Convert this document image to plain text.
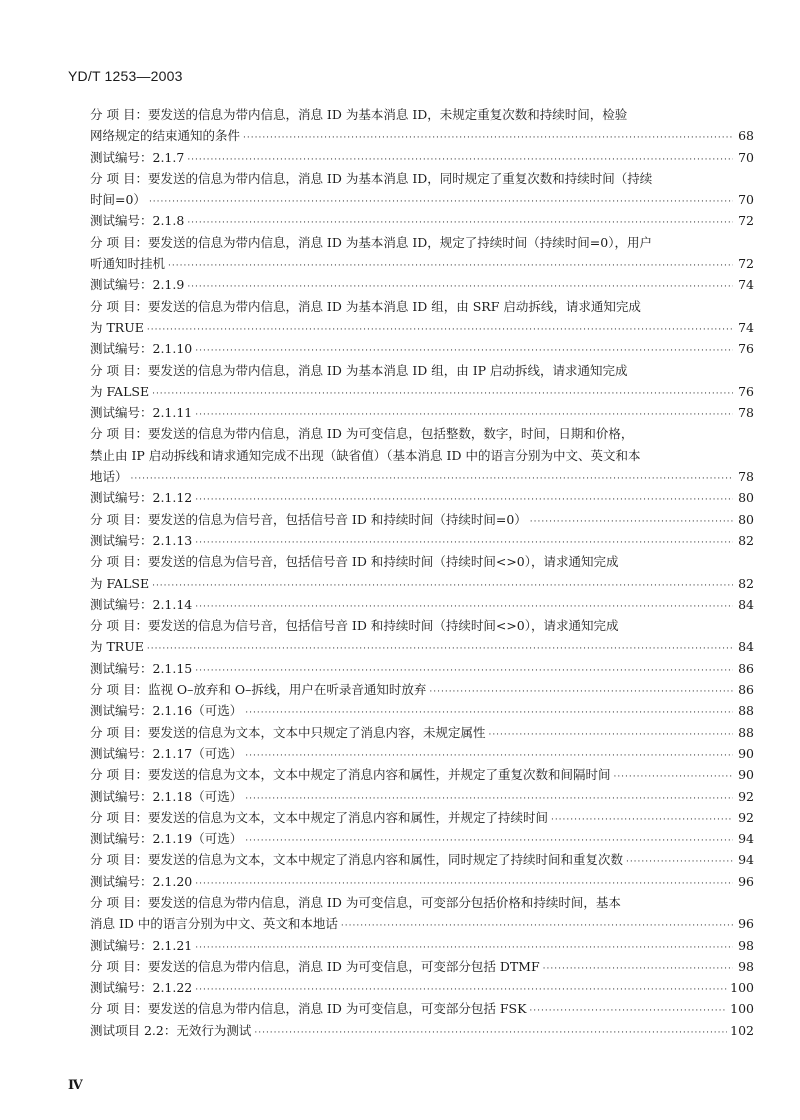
YD/T 1253—2003
分 项 目：要发送的信息为带内信息，消息 ID 为基本消息 ID，未规定重复次数和持续时间，检验
网络规定的结束通知的条件 ·····	68
测试编号：2.1.7 ·····	70
分 项 目：要发送的信息为带内信息，消息 ID 为基本消息 ID，同时规定了重复次数和持续时间（持续
时间=0） ·····	70
测试编号：2.1.8 ·····	72
分 项 目：要发送的信息为带内信息，消息 ID 为基本消息 ID，规定了持续时间（持续时间=0），用户
听通知时挂机 ·····	72
测试编号：2.1.9 ·····	74
分 项 目：要发送的信息为带内信息，消息 ID 为基本消息 ID 组，由 SRF 启动拆线，请求通知完成
为 TRUE ·····	74
测试编号：2.1.10 ·····	76
分 项 目：要发送的信息为带内信息，消息 ID 为基本消息 ID 组，由 IP 启动拆线，请求通知完成
为 FALSE ·····	76
测试编号：2.1.11 ·····	78
分 项 目：要发送的信息为带内信息，消息 ID 为可变信息，包括整数，数字，时间，日期和价格，
禁止由 IP 启动拆线和请求通知完成不出现（缺省值）（基本消息 ID 中的语言分别为中文、英文和本
地话） ·····	78
测试编号：2.1.12 ·····	80
分 项 目：要发送的信息为信号音，包括信号音 ID 和持续时间（持续时间=0） ·····	80
测试编号：2.1.13 ·····	82
分 项 目：要发送的信息为信号音，包括信号音 ID 和持续时间（持续时间<>0），请求通知完成
为 FALSE ·····	82
测试编号：2.1.14 ·····	84
分 项 目：要发送的信息为信号音，包括信号音 ID 和持续时间（持续时间<>0），请求通知完成
为 TRUE ·····	84
测试编号：2.1.15 ·····	86
分 项 目：监视 O–放弃和 O–拆线，用户在听录音通知时放弃 ·····	86
测试编号：2.1.16（可选） ·····	88
分 项 目：要发送的信息为文本，文本中只规定了消息内容，未规定属性 ·····	88
测试编号：2.1.17（可选） ·····	90
分 项 目：要发送的信息为文本，文本中规定了消息内容和属性，并规定了重复次数和间隔时间 ·····	90
测试编号：2.1.18（可选） ·····	92
分 项 目：要发送的信息为文本，文本中规定了消息内容和属性，并规定了持续时间 ·····	92
测试编号：2.1.19（可选） ·····	94
分 项 目：要发送的信息为文本，文本中规定了消息内容和属性，同时规定了持续时间和重复次数 ·····	94
测试编号：2.1.20 ·····	96
分 项 目：要发送的信息为带内信息，消息 ID 为可变信息，可变部分包括价格和持续时间，基本
消息 ID 中的语言分别为中文、英文和本地话 ·····	96
测试编号：2.1.21 ·····	98
分 项 目：要发送的信息为带内信息，消息 ID 为可变信息，可变部分包括 DTMF ·····	98
测试编号：2.1.22 ·····	100
分 项 目：要发送的信息为带内信息，消息 ID 为可变信息，可变部分包括 FSK ·····	100
测试项目 2.2：无效行为测试 ·····	102
Ⅳ
